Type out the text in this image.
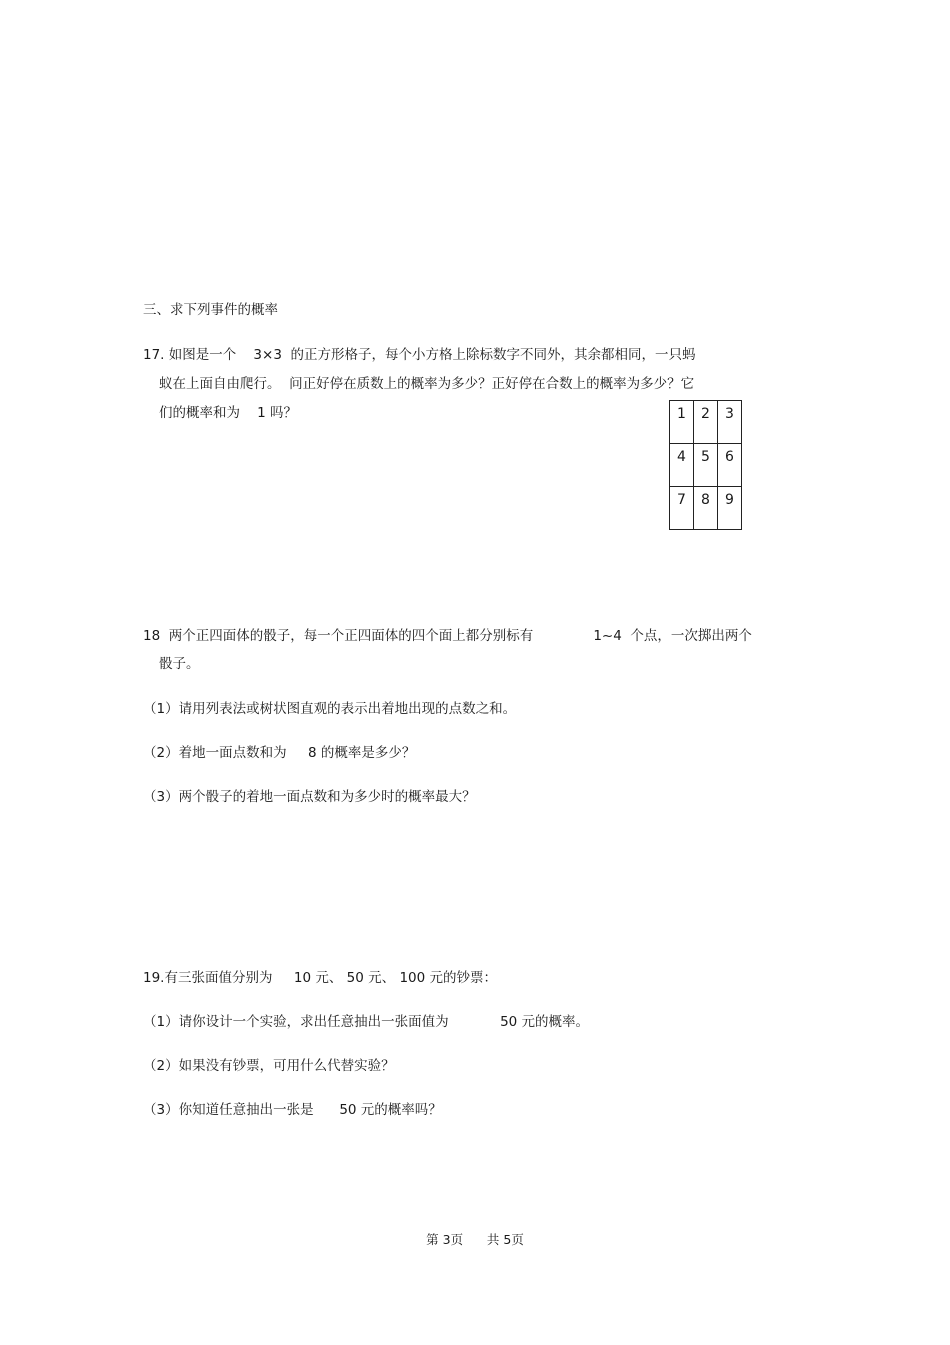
三、求下列事件的概率
17. 如图是一个    3×3  的正方形格子，每个小方格上除标数字不同外，其余都相同，一只蚂
蚁在上面自由爬行。  问正好停在质数上的概率为多少？正好停在合数上的概率为多少？它
们的概率和为    1 吗？	1	2	3
4	5	6
7	8	9
18  两个正四面体的骰子，每一个正四面体的四个面上都分别标有              1~4  个点，一次掷出两个
骰子。
（1）请用列表法或树状图直观的表示出着地出现的点数之和。
（2）着地一面点数和为     8 的概率是多少？
（3）两个骰子的着地一面点数和为多少时的概率最大？
19.有三张面值分别为     10 元、 50 元、 100 元的钞票：
（1）请你设计一个实验，求出任意抽出一张面值为            50 元的概率。
（2）如果没有钞票，可用什么代替实验？
（3）你知道任意抽出一张是      50 元的概率吗？
第 3页      共 5页
